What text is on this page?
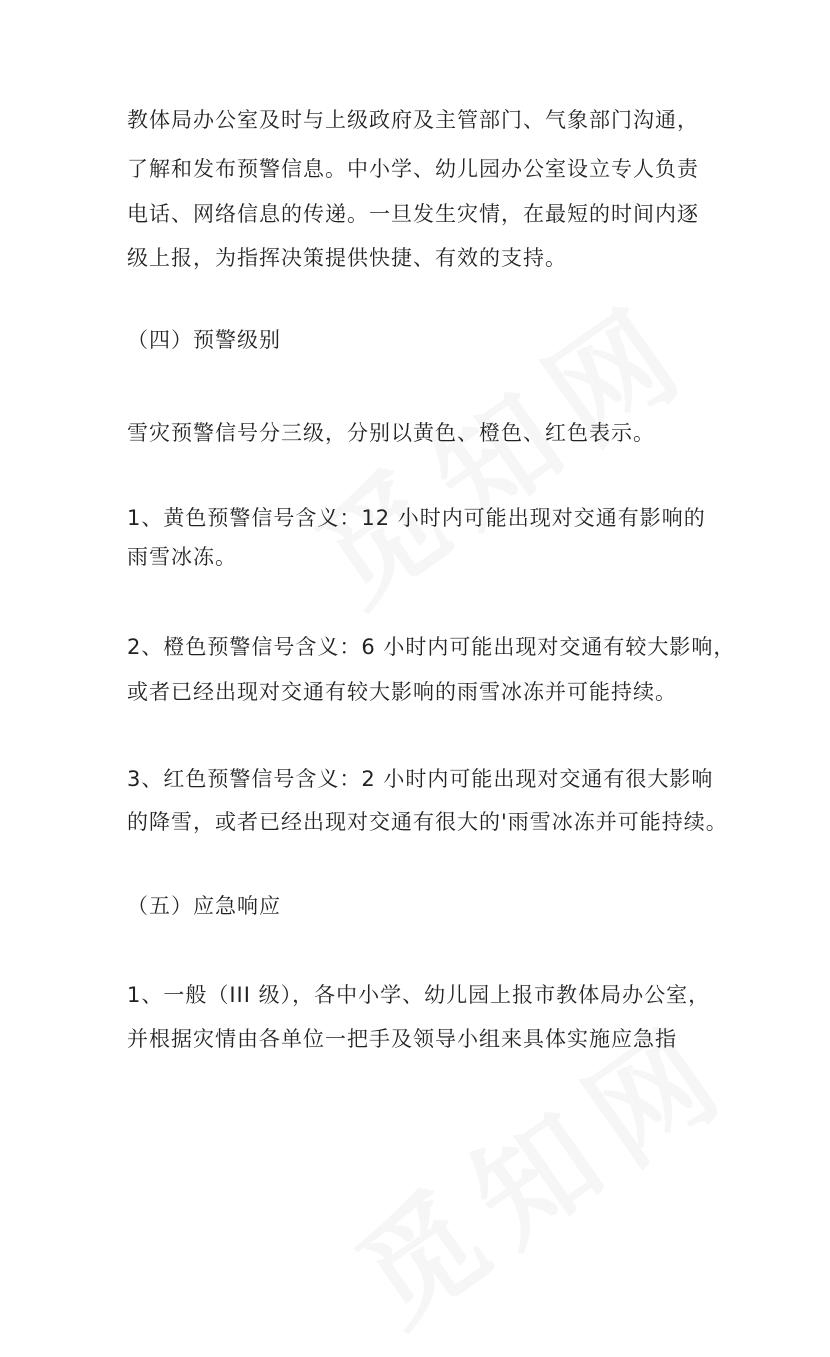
教体局办公室及时与上级政府及主管部门、气象部门沟通，
了解和发布预警信息。中小学、幼儿园办公室设立专人负责
电话、网络信息的传递。一旦发生灾情，在最短的时间内逐
级上报，为指挥决策提供快捷、有效的支持。
（四）预警级别
雪灾预警信号分三级，分别以黄色、橙色、红色表示。
1、黄色预警信号含义：12 小时内可能出现对交通有影响的
雨雪冰冻。
2、橙色预警信号含义：6 小时内可能出现对交通有较大影响，
或者已经出现对交通有较大影响的雨雪冰冻并可能持续。
3、红色预警信号含义：2 小时内可能出现对交通有很大影响
的降雪，或者已经出现对交通有很大的'雨雪冰冻并可能持续。
（五）应急响应
1、一般（III 级），各中小学、幼儿园上报市教体局办公室，
并根据灾情由各单位一把手及领导小组来具体实施应急指
